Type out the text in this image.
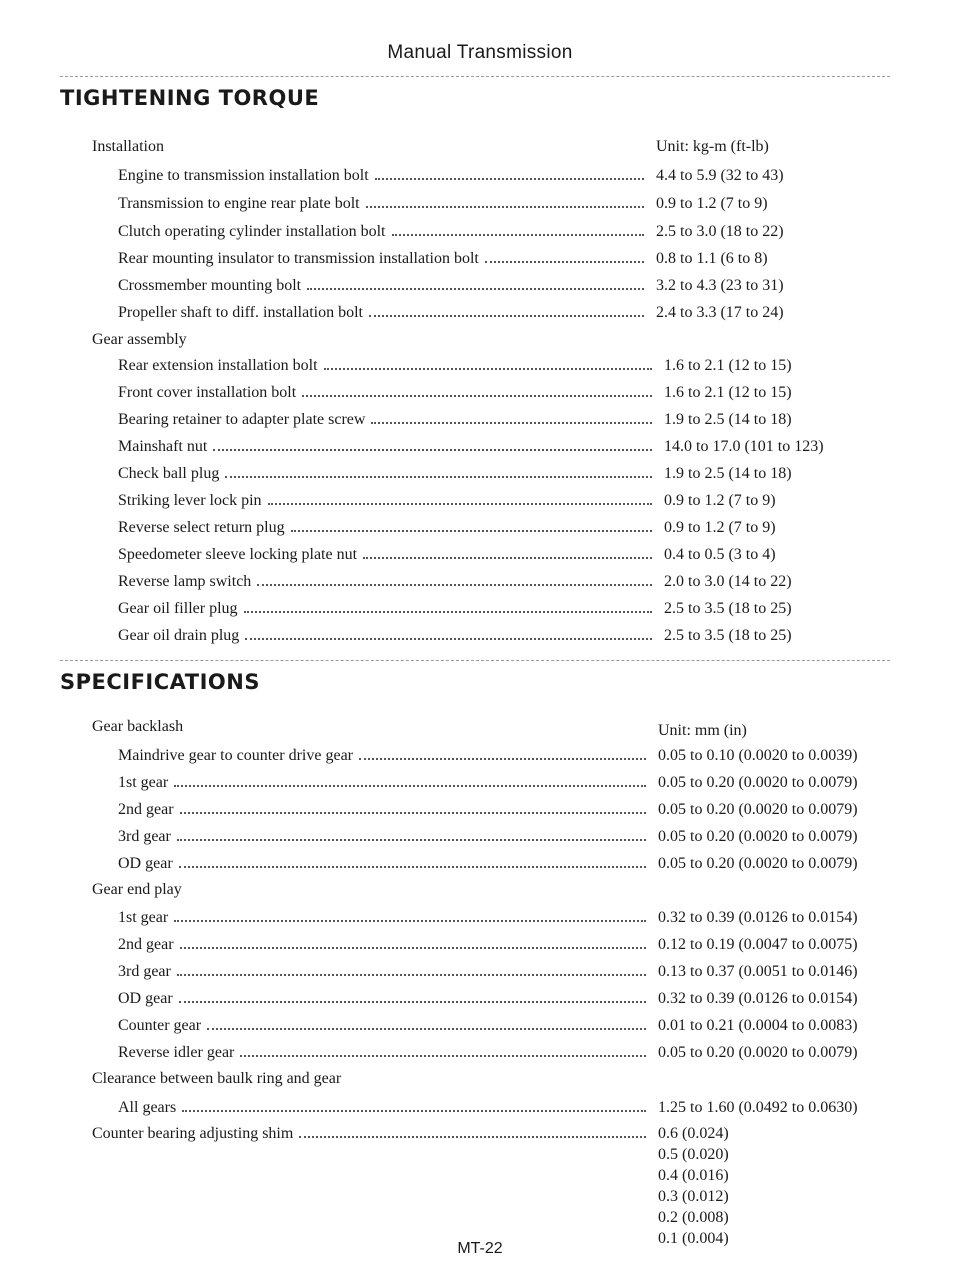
Manual Transmission
TIGHTENING TORQUE
Installation	Unit: kg-m (ft-lb)
Engine to transmission installation bolt	4.4 to 5.9 (32 to 43)
Transmission to engine rear plate bolt	0.9 to 1.2 (7 to 9)
Clutch operating cylinder installation bolt	2.5 to 3.0 (18 to 22)
Rear mounting insulator to transmission installation bolt	0.8 to 1.1 (6 to 8)
Crossmember mounting bolt	3.2 to 4.3 (23 to 31)
Propeller shaft to diff. installation bolt	2.4 to 3.3 (17 to 24)
Gear assembly
Rear extension installation bolt	1.6 to 2.1 (12 to 15)
Front cover installation bolt	1.6 to 2.1 (12 to 15)
Bearing retainer to adapter plate screw	1.9 to 2.5 (14 to 18)
Mainshaft nut	14.0 to 17.0 (101 to 123)
Check ball plug	1.9 to 2.5 (14 to 18)
Striking lever lock pin	0.9 to 1.2 (7 to 9)
Reverse select return plug	0.9 to 1.2 (7 to 9)
Speedometer sleeve locking plate nut	0.4 to 0.5 (3 to 4)
Reverse lamp switch	2.0 to 3.0 (14 to 22)
Gear oil filler plug	2.5 to 3.5 (18 to 25)
Gear oil drain plug	2.5 to 3.5 (18 to 25)
SPECIFICATIONS
Gear backlash	Unit: mm (in)
Maindrive gear to counter drive gear	0.05 to 0.10 (0.0020 to 0.0039)
1st gear	0.05 to 0.20 (0.0020 to 0.0079)
2nd gear	0.05 to 0.20 (0.0020 to 0.0079)
3rd gear	0.05 to 0.20 (0.0020 to 0.0079)
OD gear	0.05 to 0.20 (0.0020 to 0.0079)
Gear end play
1st gear	0.32 to 0.39 (0.0126 to 0.0154)
2nd gear	0.12 to 0.19 (0.0047 to 0.0075)
3rd gear	0.13 to 0.37 (0.0051 to 0.0146)
OD gear	0.32 to 0.39 (0.0126 to 0.0154)
Counter gear	0.01 to 0.21 (0.0004 to 0.0083)
Reverse idler gear	0.05 to 0.20 (0.0020 to 0.0079)
Clearance between baulk ring and gear
All gears	1.25 to 1.60 (0.0492 to 0.0630)
Counter bearing adjusting shim	0.6 (0.024)
0.5 (0.020)
0.4 (0.016)
0.3 (0.012)
0.2 (0.008)
0.1 (0.004)
MT-22
